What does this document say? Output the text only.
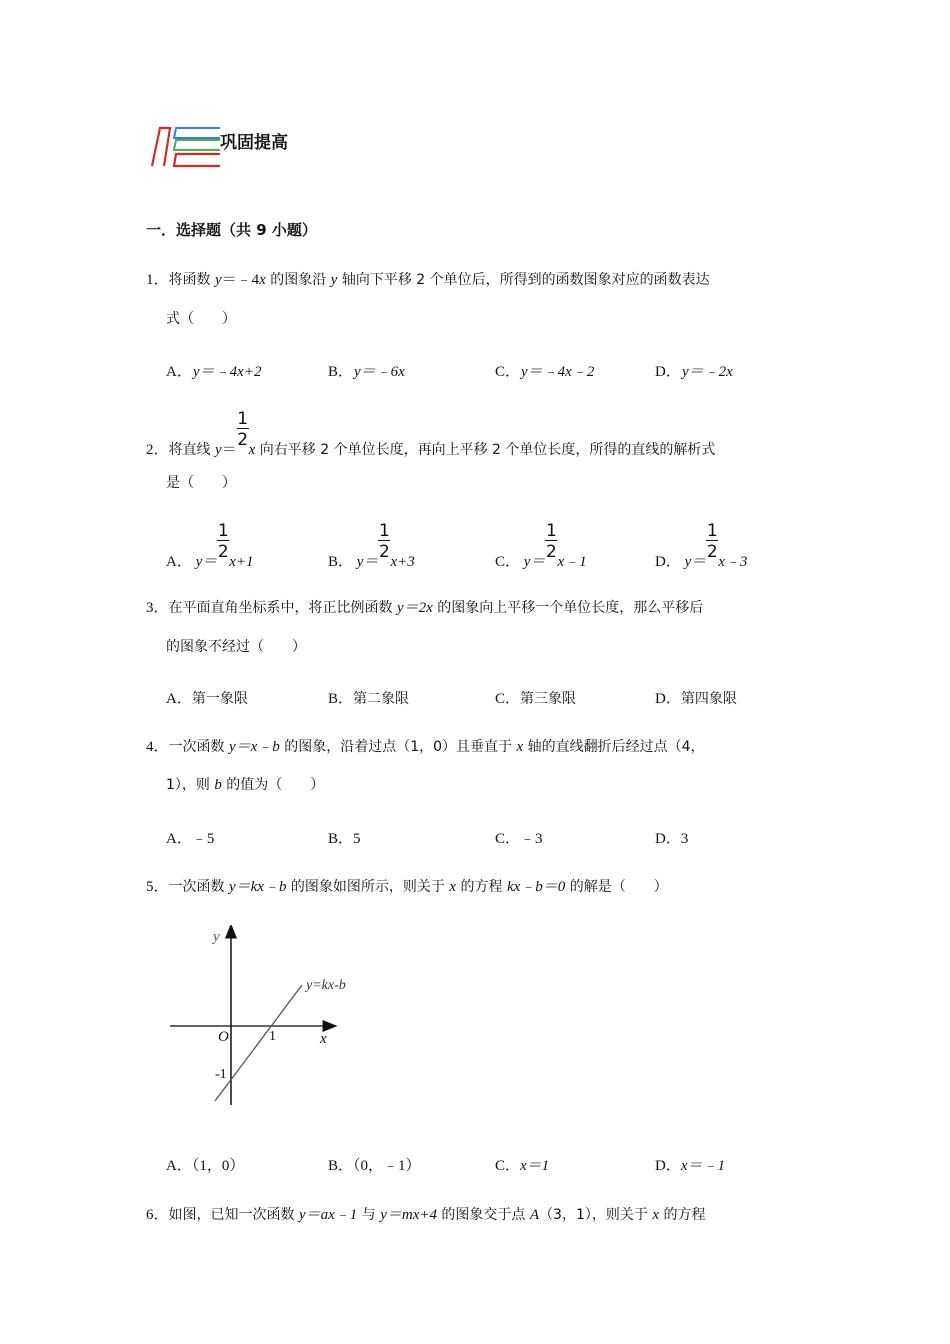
巩固提高
一．选择题（共 9 小题）
1．将函数 y＝﹣4x 的图象沿 y 轴向下平移 2 个单位后，所得到的函数图象对应的函数表达
式（　　）
A． y＝﹣4x+2	B． y＝﹣6x	C． y＝﹣4x﹣2	D． y＝﹣2x
2．将直线 $y= \frac{1}{2}$ x 向右平移 2 个单位长度，再向上平移 2 个单位长度，所得的直线的解析式
是（　　）
A． $y= \frac{1}{2} x+1$	B． $y= \frac{1}{2} x+3$	C． $y= \frac{1}{2}$ x﹣1	D． $y= \frac{1}{2}$ x﹣3
3．在平面直角坐标系中，将正比例函数 y＝2x 的图象向上平移一个单位长度，那么平移后
的图象不经过（　　）
A．第一象限	B．第二象限	C．第三象限	D．第四象限
4．一次函数 y＝x﹣b 的图象，沿着过点（1，0）且垂直于 x 轴的直线翻折后经过点（4，
1），则 b 的值为（　　）
A．﹣5	B．5	C．﹣3	D．3
5．一次函数 y＝kx﹣b 的图象如图所示，则关于 x 的方程 kx﹣b＝0 的解是（　　）
y
x
O	1
-1
y=kx-b
A．（1，0）	B．（0，﹣1）	C．x＝1	D．x＝﹣1
6．如图，已知一次函数 y＝ax﹣1 与 y＝mx+4 的图象交于点 A（3，1），则关于 x 的方程
